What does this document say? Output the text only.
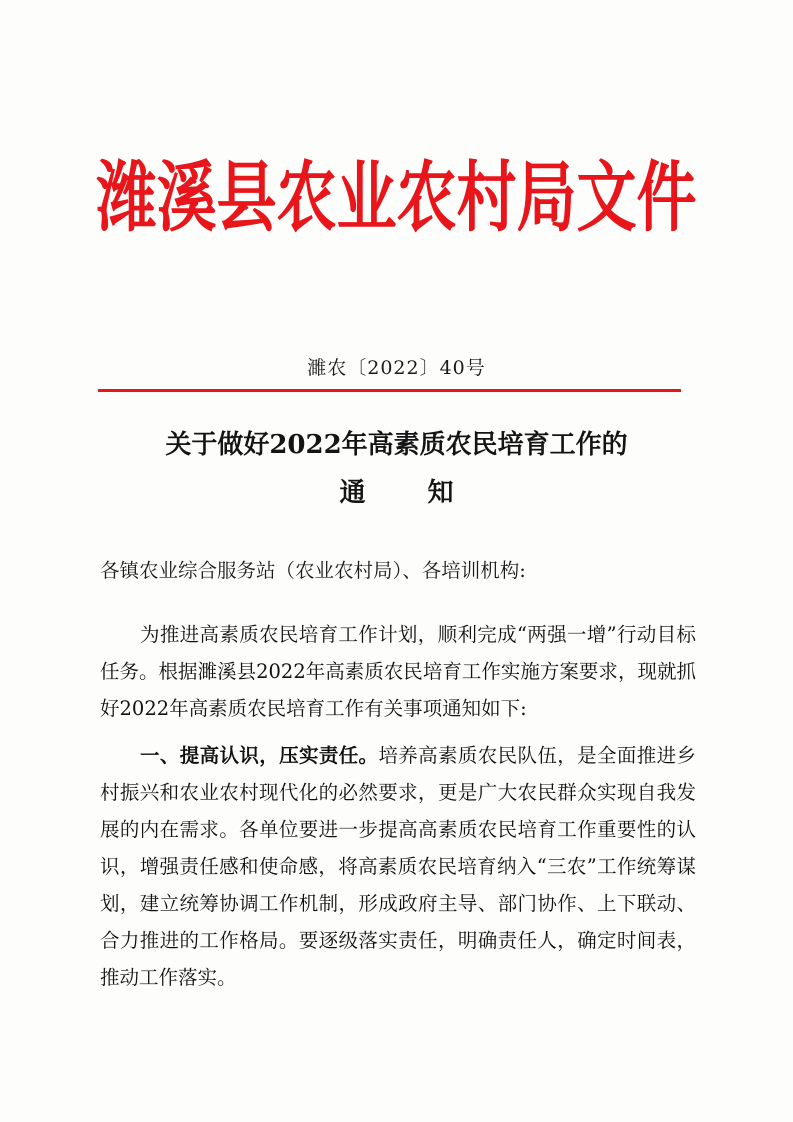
潍溪县农业农村局文件
濉农〔2022〕40号
关于做好2022年高素质农民培育工作的
通知
各镇农业综合服务站（农业农村局）、各培训机构:

为推进高素质农民培育工作计划，顺利完成“两强一增”行动目标任务。根据濉溪县2022年高素质农民培育工作实施方案要求，现就抓好2022年高素质农民培育工作有关事项通知如下:

一、提高认识，压实责任。培养高素质农民队伍，是全面推进乡村振兴和农业农村现代化的必然要求，更是广大农民群众实现自我发展的内在需求。各单位要进一步提高高素质农民培育工作重要性的认识，增强责任感和使命感，将高素质农民培育纳入“三农”工作统筹谋划，建立统筹协调工作机制，形成政府主导、部门协作、上下联动、合力推进的工作格局。要逐级落实责任，明确责任人，确定时间表，推动工作落实。
